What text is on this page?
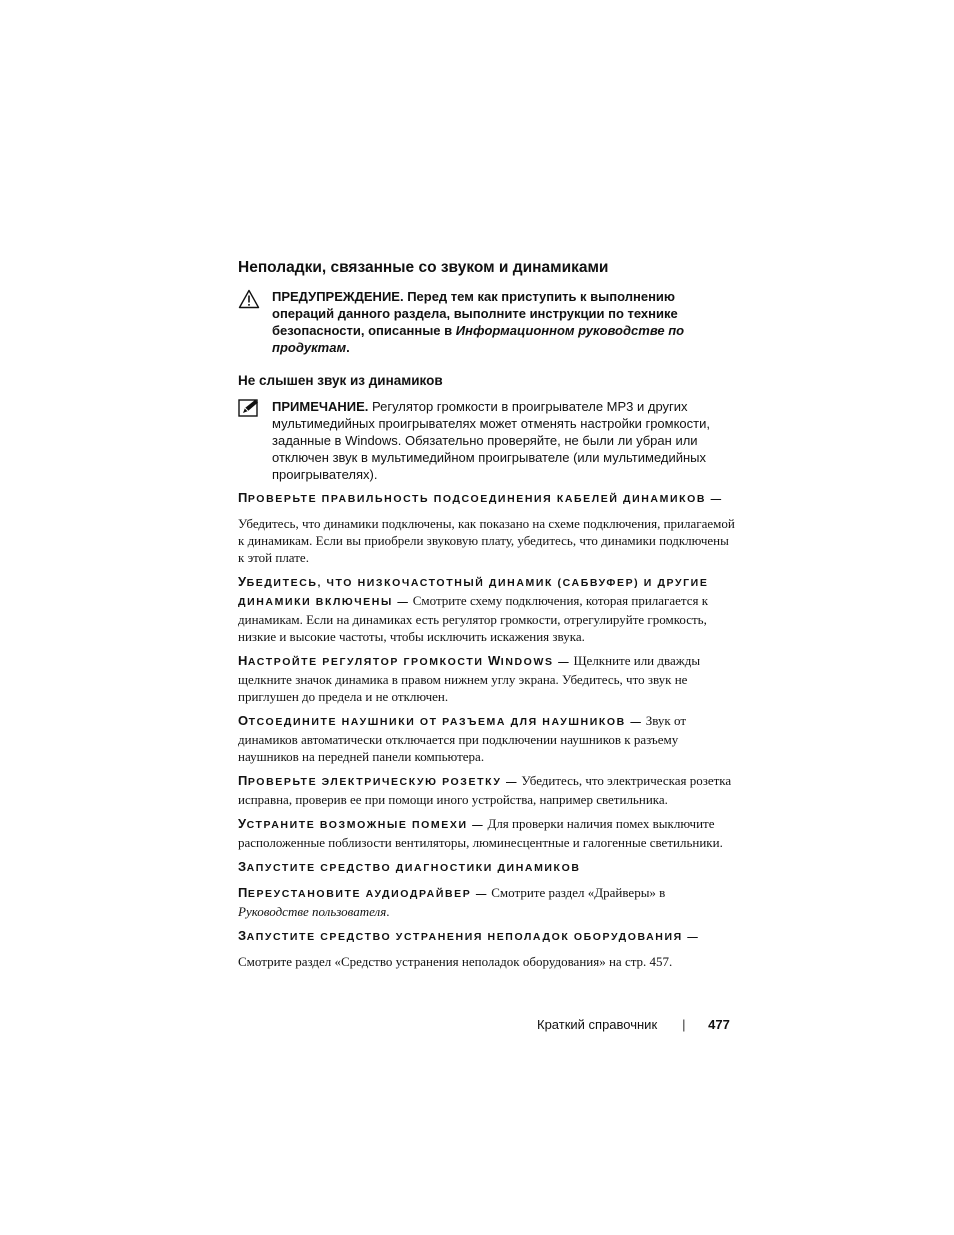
Неполадки, связанные со звуком и динамиками
ПРЕДУПРЕЖДЕНИЕ. Перед тем как приступить к выполнению операций данного раздела, выполните инструкции по технике безопасности, описанные в Информационном руководстве по продуктам.
Не слышен звук из динамиков
ПРИМЕЧАНИЕ. Регулятор громкости в проигрывателе MP3 и других мультимедийных проигрывателях может отменять настройки громкости, заданные в Windows. Обязательно проверяйте, не были ли убран или отключен звук в мультимедийном проигрывателе (или мультимедийных проигрывателях).
ПРОВЕРЬТЕ ПРАВИЛЬНОСТЬ ПОДСОЕДИНЕНИЯ КАБЕЛЕЙ ДИНАМИКОВ —

Убедитесь, что динамики подключены, как показано на схеме подключения, прилагаемой к динамикам. Если вы приобрели звуковую плату, убедитесь, что динамики подключены к этой плате.

УБЕДИТЕСЬ, ЧТО НИЗКОЧАСТОТНЫЙ ДИНАМИК (САБВУФЕР) И ДРУГИЕ ДИНАМИКИ ВКЛЮЧЕНЫ — Смотрите схему подключения, которая прилагается к динамикам. Если на динамиках есть регулятор громкости, отрегулируйте громкость, низкие и высокие частоты, чтобы исключить искажения звука.

НАСТРОЙТЕ РЕГУЛЯТОР ГРОМКОСТИ WINDOWS — Щелкните или дважды щелкните значок динамика в правом нижнем углу экрана. Убедитесь, что звук не приглушен до предела и не отключен.

ОТСОЕДИНИТЕ НАУШНИКИ ОТ РАЗЪЕМА ДЛЯ НАУШНИКОВ — Звук от динамиков автоматически отключается при подключении наушников к разъему наушников на передней панели компьютера.

ПРОВЕРЬТЕ ЭЛЕКТРИЧЕСКУЮ РОЗЕТКУ — Убедитесь, что электрическая розетка исправна, проверив ее при помощи иного устройства, например светильника.

УСТРАНИТЕ ВОЗМОЖНЫЕ ПОМЕХИ — Для проверки наличия помех выключите расположенные поблизости вентиляторы, люминесцентные и галогенные светильники.

ЗАПУСТИТЕ СРЕДСТВО ДИАГНОСТИКИ ДИНАМИКОВ

ПЕРЕУСТАНОВИТЕ АУДИОДРАЙВЕР — Смотрите раздел «Драйверы» в Руководстве пользователя.

ЗАПУСТИТЕ СРЕДСТВО УСТРАНЕНИЯ НЕПОЛАДОК ОБОРУДОВАНИЯ —

Смотрите раздел «Средство устранения неполадок оборудования» на стр. 457.

Краткий справочник |	477
